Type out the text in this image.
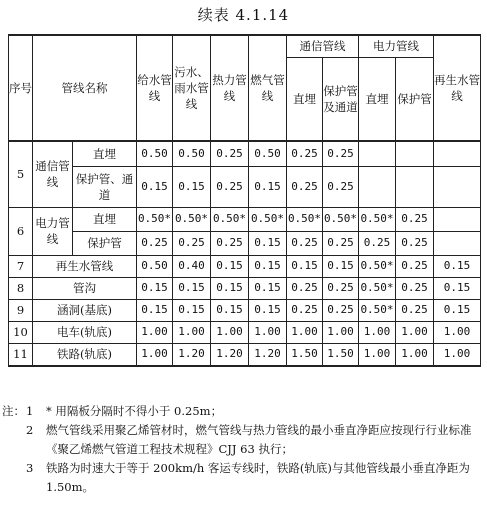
续表 4.1.14
序号	管线名称		给水管线	污水、雨水管线	热力管线	燃气管线	通信管线		电力管线		再生水管线
							直埋	保护管及通道	直埋	保护管	
5	通信管线	直埋	0.50	0.50	0.25	0.50	0.25	0.25			
		保护管、通道	0.15	0.15	0.25	0.15	0.25	0.25			
6	电力管线	直埋	0.50*	0.50*	0.50*	0.50*	0.50*	0.50*	0.50*	0.25	
		保护管	0.25	0.25	0.25	0.15	0.25	0.25	0.25	0.25	
7	再生水管线		0.50	0.40	0.15	0.15	0.15	0.15	0.50*	0.25	0.15
8	管沟		0.15	0.15	0.15	0.15	0.25	0.25	0.50*	0.25	0.15
9	涵洞(基底)		0.15	0.15	0.15	0.15	0.25	0.25	0.50*	0.25	0.15
10	电车(轨底)		1.00	1.00	1.00	1.00	1.00	1.00	1.00	1.00	1.00
11	铁路(轨底)		1.00	1.20	1.20	1.20	1.50	1.50	1.00	1.00	1.00
注： 1 * 用隔板分隔时不得小于 0.25m；
2 燃气管线采用聚乙烯管材时，燃气管线与热力管线的最小垂直净距应按现行行业标准《聚乙烯燃气管道工程技术规程》CJJ 63 执行；
3 铁路为时速大于等于 200km/h 客运专线时，铁路(轨底)与其他管线最小垂直净距为 1.50m。
